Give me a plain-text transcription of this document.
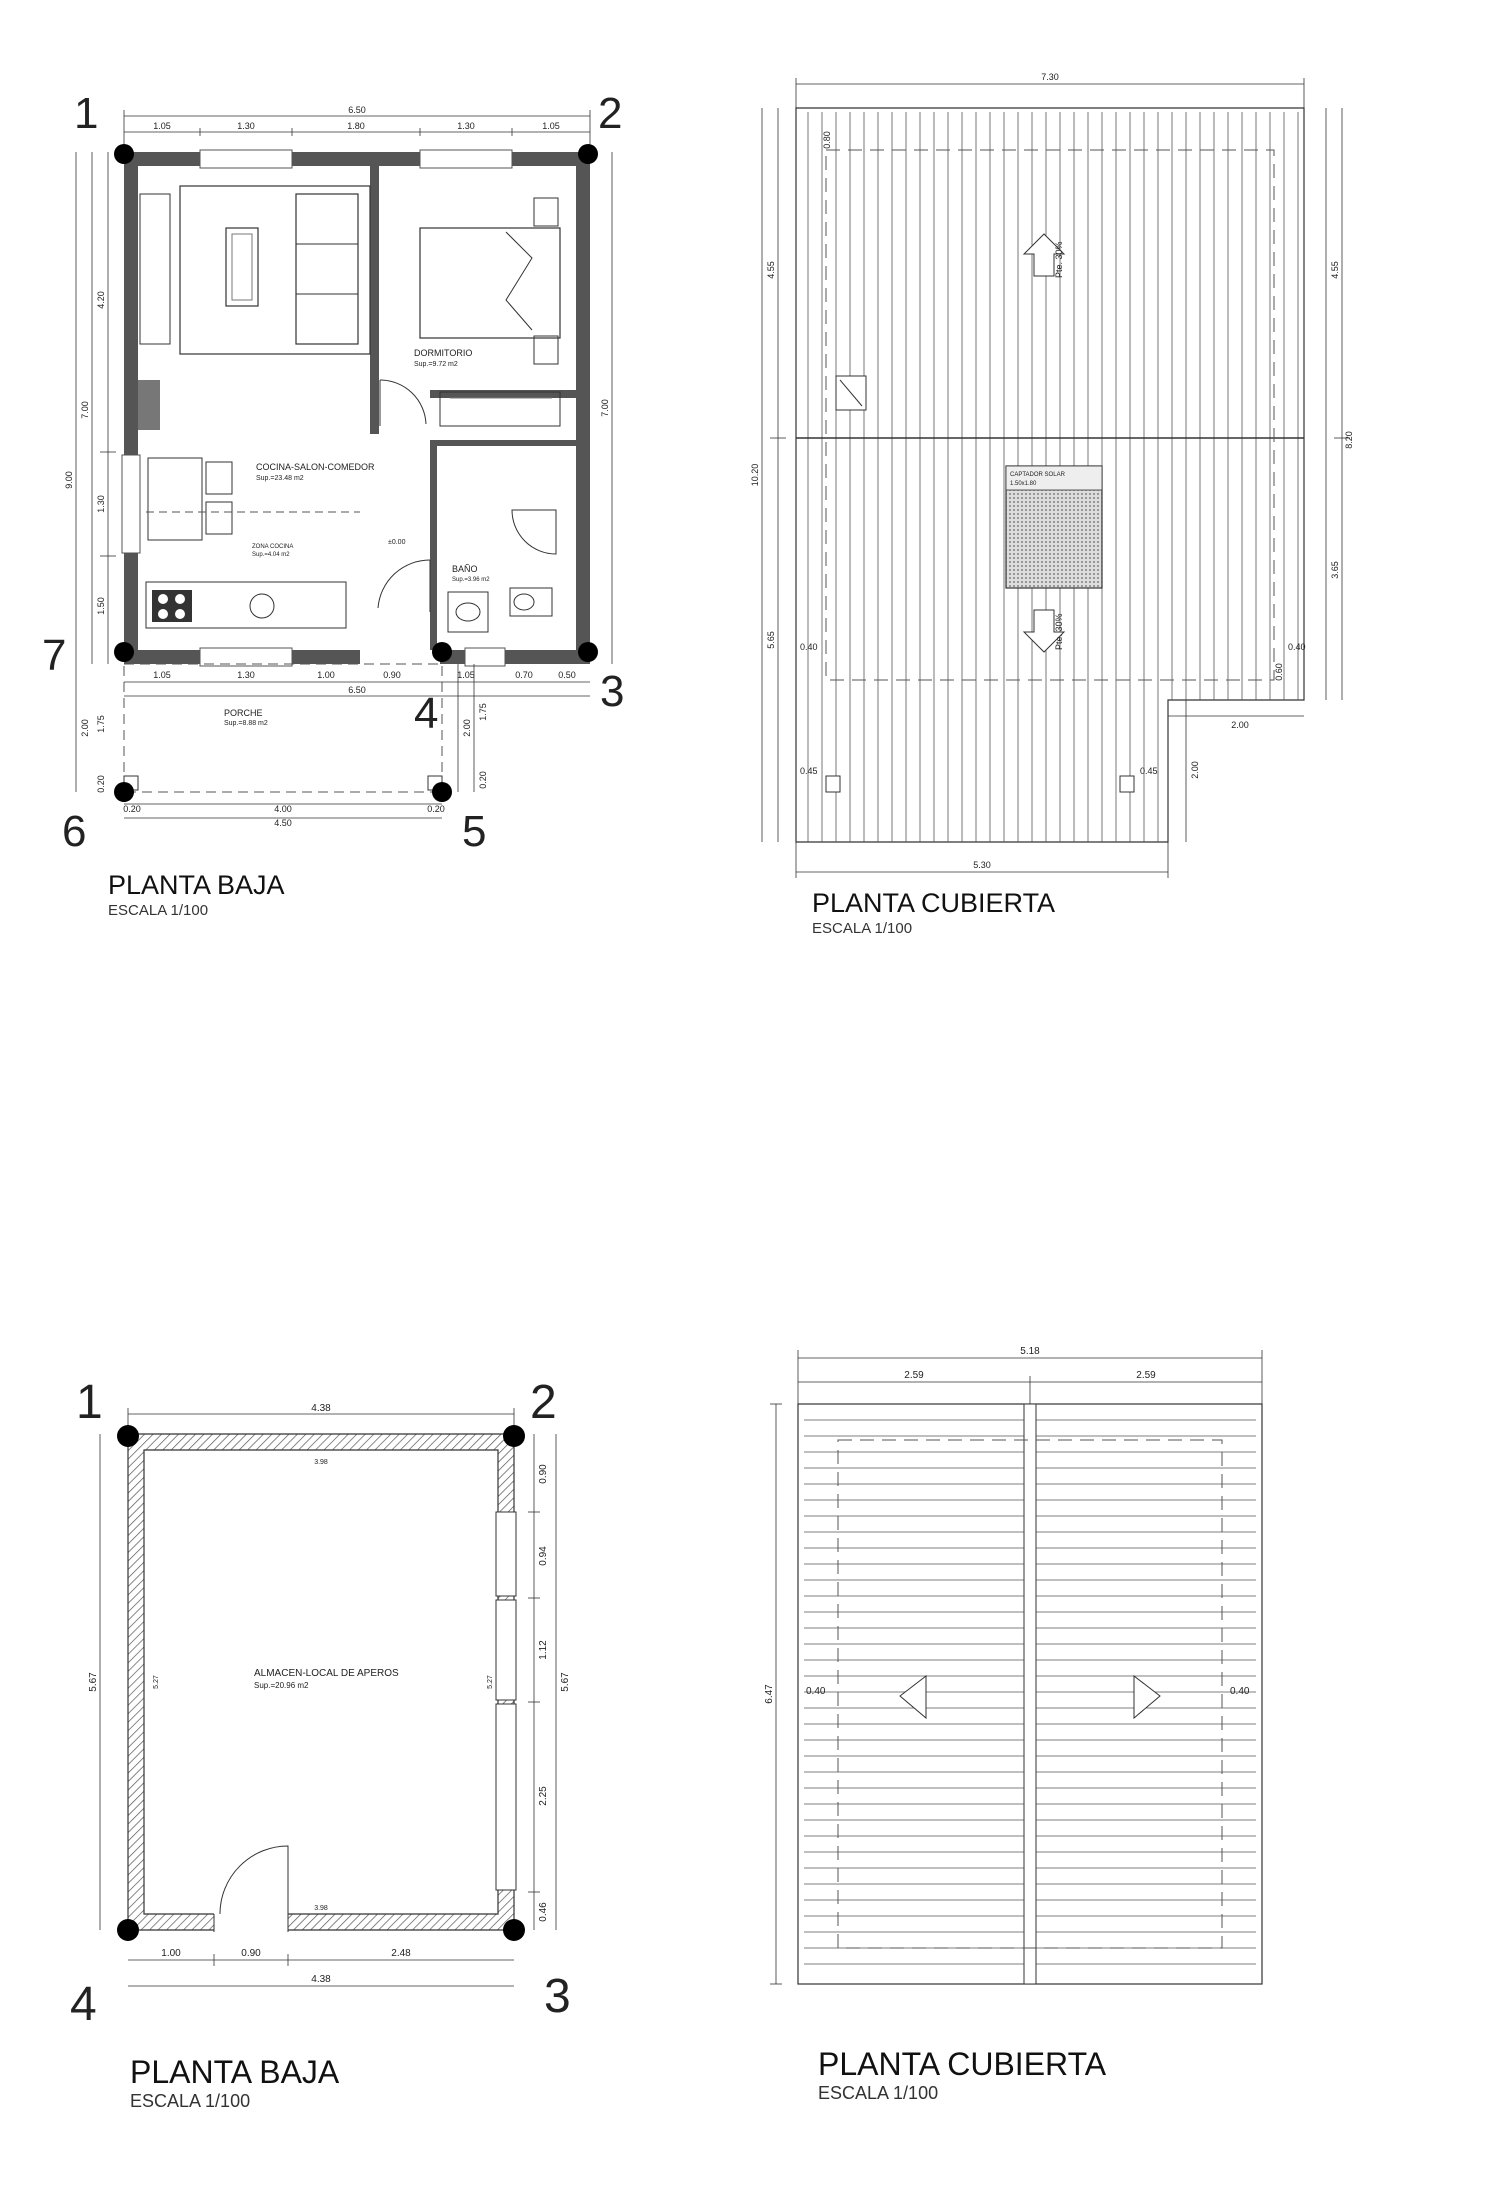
6.50
1.05	1.30	1.80	1.30	1.05
1.05	1.30	1.00	0.90
6.50
1.05	0.70	0.50
4.00
4.50
0.20	0.20
9.00
7.00
4.20
1.30
1.50
2.00 1.75
0.20
7.00
2.00
1.75
0.20
COCINA-SALON-COMEDOR
Sup.=23.48 m2
DORMITORIO
Sup.=9.72 m2
ZONA COCINA
Sup.=4.04 m2
BAÑO
Sup.=3.96 m2
PORCHE
Sup.=8.88 m2
±0.00
1	2
3
4
5
6
7
Pte. 30%
Pte. 30%
CAPTADOR SOLAR
1.50x1.80
7.30
5.30
10.20
4.55
5.65
8.20
4.55
3.65
2.00
2.00
0.80
0.40	0.40
0.60
0.45	0.45
4.38
3.98
1.00	0.90	2.48
4.38
3.98
5.67	5.27	5.67
0.90
0.94
1.12
2.25
0.46
5.27
ALMACEN-LOCAL DE APEROS
Sup.=20.96 m2
1	2
3
4
5.18
2.59	2.59
6.47	0.40	0.40
PLANTA BAJA
ESCALA 1/100	PLANTA CUBIERTA
ESCALA 1/100
PLANTA BAJA
ESCALA 1/100
PLANTA CUBIERTA
ESCALA 1/100
